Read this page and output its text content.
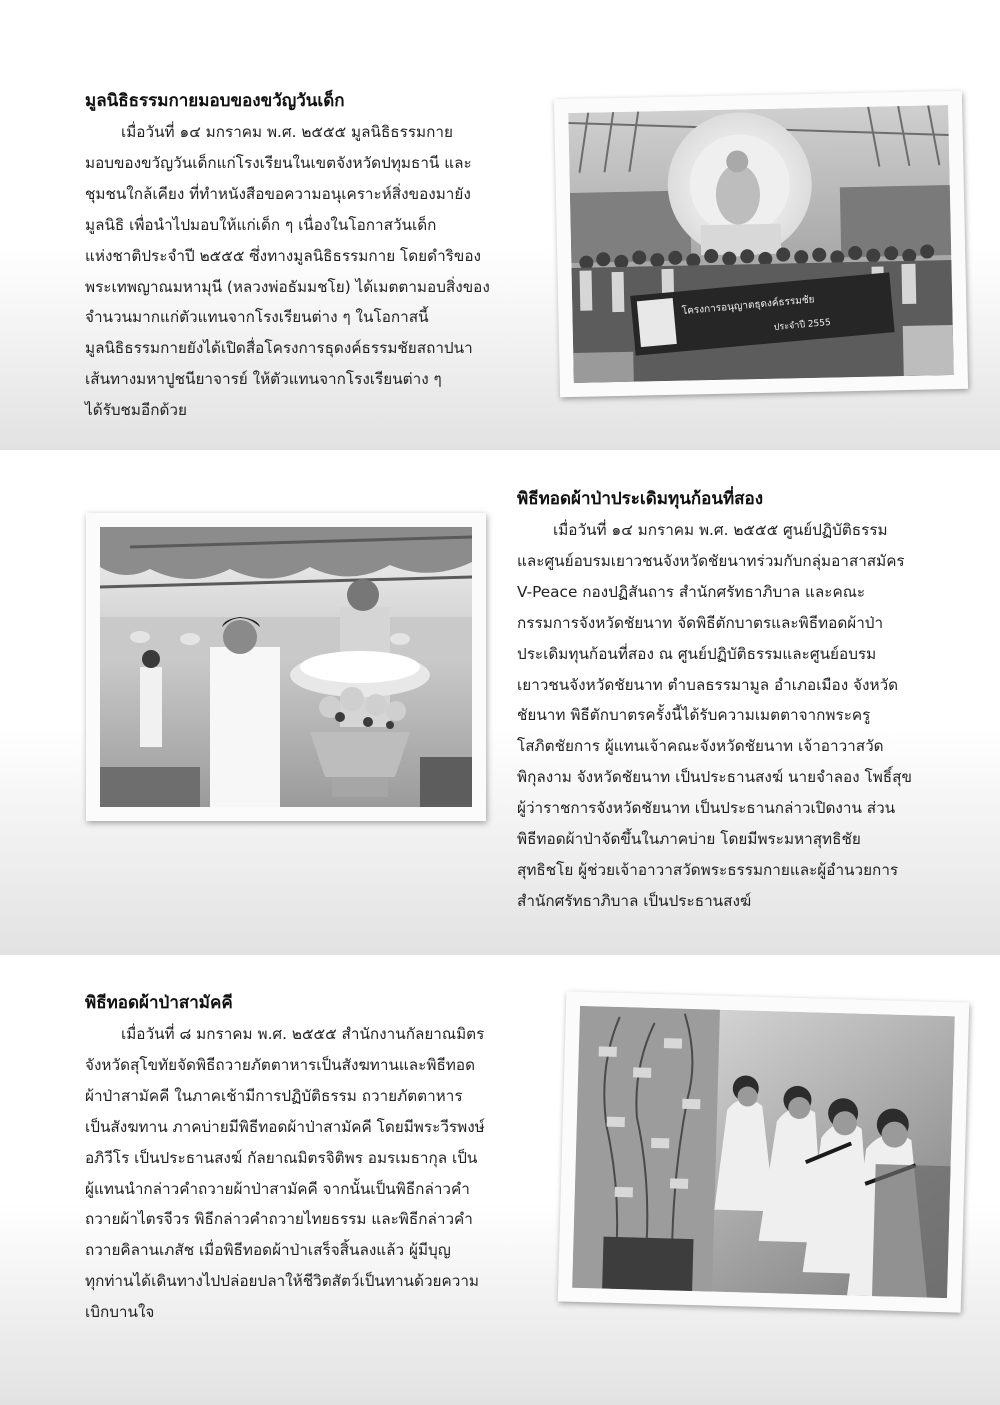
มูลนิธิธรรมกายมอบของขวัญวันเด็ก

เมื่อวันที่ ๑๔ มกราคม พ.ศ. ๒๕๕๕ มูลนิธิธรรมกาย

มอบของขวัญวันเด็กแก่โรงเรียนในเขตจังหวัดปทุมธานี และ

ชุมชนใกล้เคียง ที่ทำหนังสือขอความอนุเคราะห์สิ่งของมายัง

มูลนิธิ เพื่อนำไปมอบให้แก่เด็ก ๆ เนื่องในโอกาสวันเด็ก

แห่งชาติประจำปี ๒๕๕๕ ซึ่งทางมูลนิธิธรรมกาย โดยดำริของ

พระเทพญาณมหามุนี (หลวงพ่อธัมมชโย) ได้เมตตามอบสิ่งของ

จำนวนมากแก่ตัวแทนจากโรงเรียนต่าง ๆ ในโอกาสนี้

มูลนิธิธรรมกายยังได้เปิดสื่อโครงการธุดงค์ธรรมชัยสถาปนา

เส้นทางมหาปูชนียาจารย์ ให้ตัวแทนจากโรงเรียนต่าง ๆ

ได้รับชมอีกด้วย

โครงการอนุญาตธุดงค์ธรรมชัย
ประจำปี 2555
พิธีทอดผ้าป่าประเดิมทุนก้อนที่สอง

เมื่อวันที่ ๑๔ มกราคม พ.ศ. ๒๕๕๕ ศูนย์ปฏิบัติธรรม

และศูนย์อบรมเยาวชนจังหวัดชัยนาทร่วมกับกลุ่มอาสาสมัคร

V-Peace กองปฏิสันถาร สำนักศรัทธาภิบาล และคณะ

กรรมการจังหวัดชัยนาท จัดพิธีตักบาตรและพิธีทอดผ้าป่า

ประเดิมทุนก้อนที่สอง ณ ศูนย์ปฏิบัติธรรมและศูนย์อบรม

เยาวชนจังหวัดชัยนาท ตำบลธรรมามูล อำเภอเมือง จังหวัด

ชัยนาท พิธีตักบาตรครั้งนี้ได้รับความเมตตาจากพระครู

โสภิตชัยการ ผู้แทนเจ้าคณะจังหวัดชัยนาท เจ้าอาวาสวัด

พิกุลงาม จังหวัดชัยนาท เป็นประธานสงฆ์ นายจำลอง โพธิ์สุข

ผู้ว่าราชการจังหวัดชัยนาท เป็นประธานกล่าวเปิดงาน ส่วน

พิธีทอดผ้าป่าจัดขึ้นในภาคบ่าย โดยมีพระมหาสุทธิชัย

สุทธิชโย ผู้ช่วยเจ้าอาวาสวัดพระธรรมกายและผู้อำนวยการ

สำนักศรัทธาภิบาล เป็นประธานสงฆ์

พิธีทอดผ้าป่าสามัคคี

เมื่อวันที่ ๘ มกราคม พ.ศ. ๒๕๕๕ สำนักงานกัลยาณมิตร

จังหวัดสุโขทัยจัดพิธีถวายภัตตาหารเป็นสังฆทานและพิธีทอด

ผ้าป่าสามัคคี ในภาคเช้ามีการปฏิบัติธรรม ถวายภัตตาหาร

เป็นสังฆทาน ภาคบ่ายมีพิธีทอดผ้าป่าสามัคคี โดยมีพระวีรพงษ์

อภิวีโร เป็นประธานสงฆ์ กัลยาณมิตรจิติพร อมรเมธากุล เป็น

ผู้แทนนำกล่าวคำถวายผ้าป่าสามัคคี จากนั้นเป็นพิธีกล่าวคำ

ถวายผ้าไตรจีวร พิธีกล่าวคำถวายไทยธรรม และพิธีกล่าวคำ

ถวายคิลานเภสัช เมื่อพิธีทอดผ้าป่าเสร็จสิ้นลงแล้ว ผู้มีบุญ

ทุกท่านได้เดินทางไปปล่อยปลาให้ชีวิตสัตว์เป็นทานด้วยความ

เบิกบานใจ
